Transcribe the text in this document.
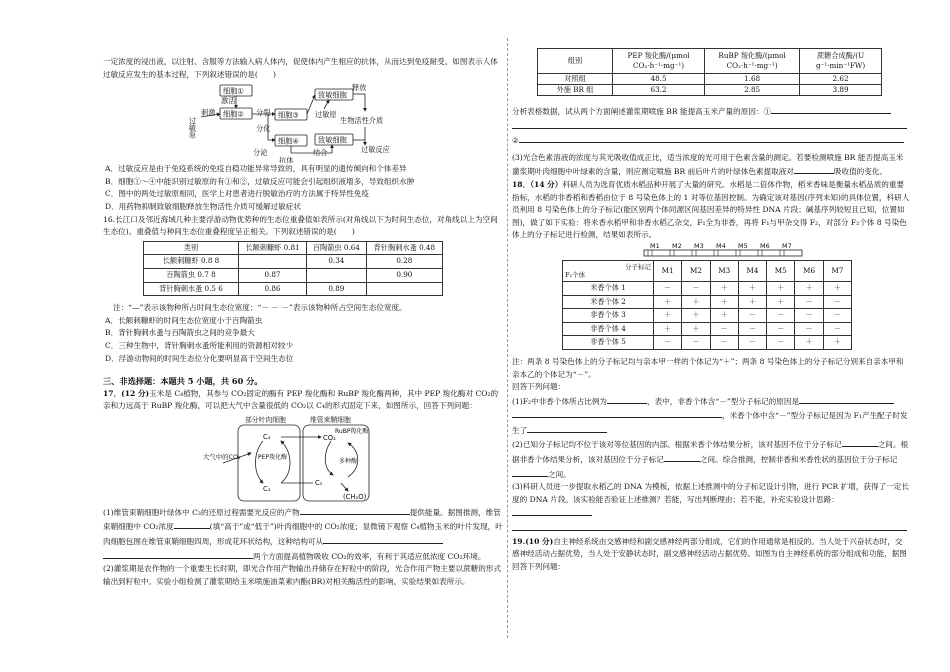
一定浓度的浸出液，以注射、含服等方法输入病人体内，促使体内产生相应的抗体，从而达到免疫耐受。如图表示人体过敏反应发生的基本过程，下列叙述错误的是(　　)

过敏原
刺激
激活
分裂
分化
释放
生物活性介质
过敏原
分泌	结合
抗体
过敏反应
细胞①
细胞②	细胞③
细胞④
致敏细胞
致敏细胞

A．过敏反应是由于免疫系统的免疫自稳功能异常导致的，具有明显的遗传倾向和个体差异

B．细胞①～④中能识别过敏原的有①和②，过敏反应可能会引起组织液增多，导致组织水肿

C．图中的两处过敏原相同，医学上对患者进行脱敏治疗的方法属于特异性免疫

D．用药物抑制致敏细胞释放生物活性介质可缓解过敏症状

16.长江口及邻近海域几种主要浮游动物优势种的生态位重叠值如表所示(对角线以下为时间生态位，对角线以上为空间生态位)。重叠值与种间生态位重叠程度呈正相关。下列叙述错误的是(　　)

类别	长额刺糠虾 0.81	百陶箭虫 0.64	背针胸刺水蚤 0.48
长额刺糠虾 0.8 8		0.34	0.28
百陶箭虫 0.7 8	0.87		0.90
背针胸刺水蚤 0.5 6	0.86	0.89	

注：“—”表示该物种所占时间生态位宽度；“－ － －”表示该物种所占空间生态位宽度。

A．长额刺糠虾的时间生态位宽度小于百陶箭虫

B．背针胸刺水蚤与百陶箭虫之间的竞争最大

C．三种生物中，背针胸刺水蚤所能利用的资源相对较少

D．浮游动物间的时间生态位分化要明显高于空间生态位

三、非选择题：本题共 5 小题，共 60 分。

17．(12 分)玉米是 C₄植物，其参与 CO₂固定的酶有 PEP 羧化酶和 RuBP 羧化酶两种，其中 PEP 羧化酶对 CO₂的亲和力远高于 RuBP 羧化酶，可以把大气中含量很低的 CO₂以 C₄的形式固定下来，如图所示，回答下列问题：

部分叶肉细胞	维管束鞘细胞
大气中的CO₂	PEP羧化酶
RuBP羧化酶
C₄
C₃
CO₂
C₅
多种酶
(CH₂O)

(1)维管束鞘细胞叶绿体中 C₃的还原过程需要光反应的产物	提供能量。据图推测，维管束鞘细胞中 CO₂浓度	(填“高于”或“低于”)叶肉细胞中的 CO₂浓度；显微镜下观察 C₄植物玉米的叶片发现，叶肉细胞包围在维管束鞘细胞四周，形成花环状结构，这种结构可从

两个方面提高植物吸收 CO₂的效率，有利于其适应低浓度 CO₂环境。

(2)灌浆期是农作物的一个重要生长时期，即光合作用产物输出并储存在籽粒中的阶段，光合作用产物主要以蔗糖的形式输出到籽粒中。实验小组检测了灌浆期给玉米喷施油菜素内酯(BR)对相关酶活性的影响，实验结果如表所示。

组别	PEP 羧化酶/(μmol CO₂·h⁻¹·mg⁻¹)	RuBP 羧化酶/(μmol CO₂·h⁻¹·mg⁻¹)	蔗糖合成酶/(U g⁻¹·min⁻¹FW)
对照组	48.5	1.68	2.62
外施 BR 组	63.2	2.85	3.89

分析表格数据，试从两个方面阐述灌浆期喷施 BR 能提高玉米产量的原因：①

②

(3)光合色素溶液的浓度与其光吸收值成正比，适当浓度的光可用于色素含量的测定。若要检测喷施 BR 能否提高玉米灌浆期叶肉细胞中叶绿素的含量，则应测定喷施 BR 前后叶片的叶绿体色素提取液对	吸收值的变化。

18．（14 分）科研人员为选育优质水稻品种开展了大量的研究。水稻是二倍体作物，稻米香味是衡量水稻品质的重要指标，水稻的非香稻和香稻由位于 8 号染色体上的 1 对等位基因控制。为确定该对基因(序列未知)的具体位置，科研人员利用 8 号染色体上的分子标记(能区别两个体同源区间基因差异的特异性 DNA 片段；碱基序列较短且已知，位置如图)，做了如下实验：将米香水稻甲和非香水稻乙杂交，F₁全为非香，再将 F₁与甲杂交得 F₂，对部分 F₂个体 8 号染色体上的分子标记进行检测，结果如表所示。

M1 M2 M3 M4 M5 M6 M7
分子标记
F₂个体	M1	M2	M3	M4	M5	M6	M7
米香个体 1	－	－	＋	＋	＋	＋	＋
米香个体 2	＋	＋	＋	＋	＋	－	－
非香个体 3	＋	＋	＋	－	－	－	－
非香个体 4	＋	＋	－	－	－	－	－
非香个体 5	－	－	－	－	－	＋	＋

注：两条 8 号染色体上的分子标记均与亲本甲一样的个体记为“＋”；两条 8 号染色体上的分子标记分别来自亲本甲和亲本乙的个体记为“－”。

回答下列问题：

(1)F₂中非香个体所占比例为	，表中，非香个体含“－”型分子标记的原因是

，米香个体中含“－”型分子标记是因为 F₁产生配子时发生了

(2)已知分子标记均不位于该对等位基因的内部。根据米香个体结果分析，该对基因不位于分子标记	之间。根据非香个体结果分析，该对基因位于分子标记	之间。综合推测，控制非香和米香性状的基因位于分子标记之间。

(3)科研人员进一步提取水稻乙的 DNA 为模板，依据上述推测中的分子标记设计引物，进行 PCR 扩增，获得了一定长度的 DNA 片段。该实验能否验证上述推测？若能，写出判断理由；若不能，补充实验设计思路：

19.(10 分)自主神经系统由交感神经和副交感神经两部分组成，它们的作用通常是相反的。当人处于兴奋状态时，交感神经活动占据优势，当人处于安静状态时，副交感神经活动占据优势。如图为自主神经系统的部分组成和功能，据图回答下列问题：
